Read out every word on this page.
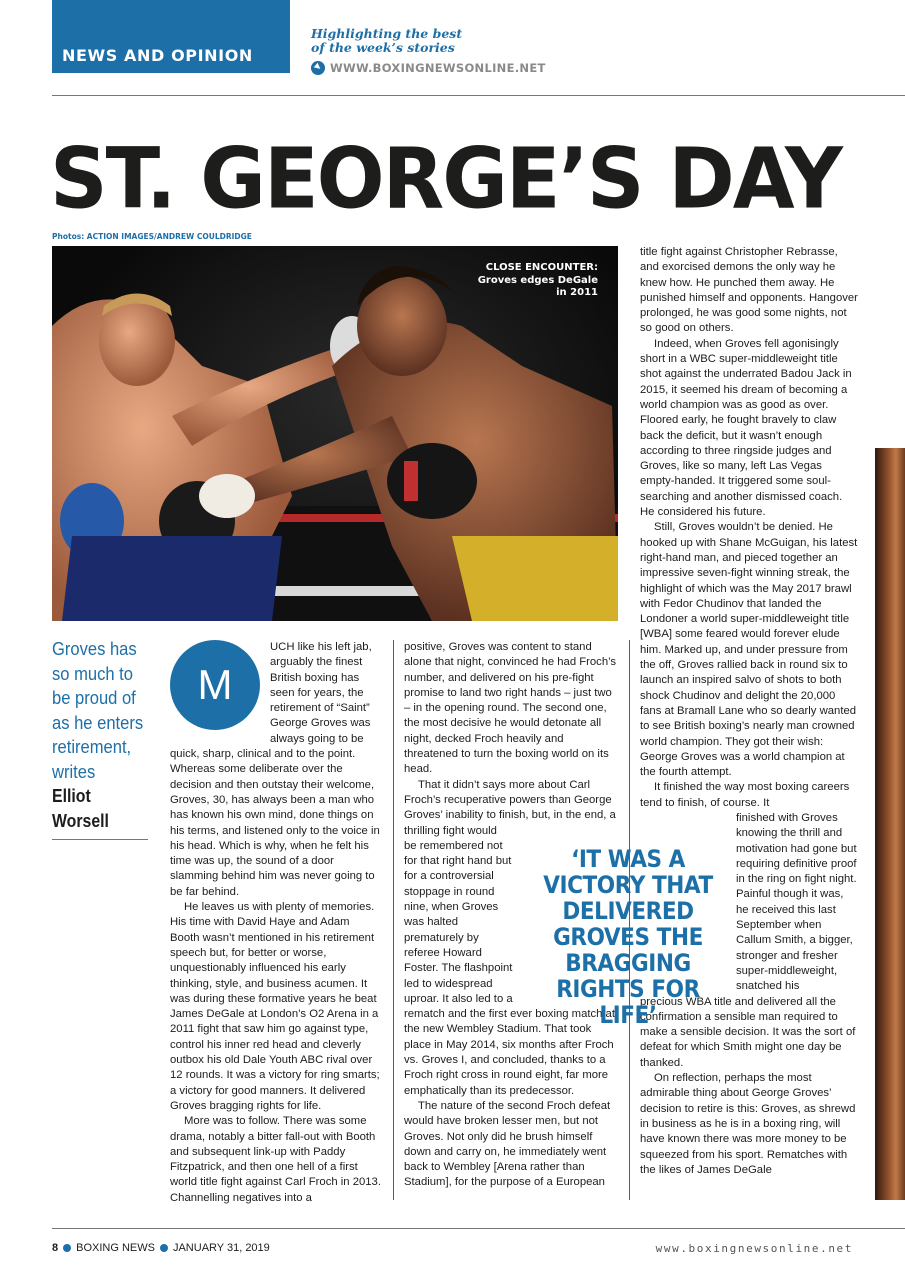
NEWS AND OPINION
Highlighting the best
of the week’s stories
WWW.BOXINGNEWSONLINE.NET
ST. GEORGE’S DAY
Photos: ACTION IMAGES/ANDREW COULDRIDGE
CLOSE ENCOUNTER:
Groves edges DeGale
in 2011
Groves has so much to be proud of as he enters retirement, writes
Elliot Worsell
M

UCH like his left jab, arguably the finest British boxing has seen for years, the retirement of “Saint” George Groves was always going to be quick, sharp, clinical and to the point. Whereas some deliberate over the decision and then outstay their welcome, Groves, 30, has always been a man who has known his own mind, done things on his terms, and listened only to the voice in his head. Which is why, when he felt his time was up, the sound of a door slamming behind him was never going to be far behind.

He leaves us with plenty of memories. His time with David Haye and Adam Booth wasn’t mentioned in his retirement speech but, for better or worse, unquestionably influenced his early thinking, style, and business acumen. It was during these formative years he beat James DeGale at London’s O2 Arena in a 2011 fight that saw him go against type, control his inner red head and cleverly outbox his old Dale Youth ABC rival over 12 rounds. It was a victory for ring smarts; a victory for good manners. It delivered Groves bragging rights for life.

More was to follow. There was some drama, notably a bitter fall-out with Booth and subsequent link-up with Paddy Fitzpatrick, and then one hell of a first world title fight against Carl Froch in 2013. Channelling negatives into a

positive, Groves was content to stand alone that night, convinced he had Froch’s number, and delivered on his pre-fight promise to land two right hands – just two – in the opening round. The second one, the most decisive he would detonate all night, decked Froch heavily and threatened to turn the boxing world on its head.

That it didn’t says more about Carl Froch’s recuperative powers than George Groves’ inability to finish, but, in the end, a thrilling fight would

be remembered not for that right hand but for a controversial stoppage in round nine, when Groves was halted prematurely by referee Howard Foster. The flashpoint led to widespread uproar. It also led to a
rematch and the first ever boxing match at the new Wembley Stadium. That took place in May 2014, six months after Froch vs. Groves I, and concluded, thanks to a Froch right cross in round eight, far more emphatically than its predecessor.

The nature of the second Froch defeat would have broken lesser men, but not Groves. Not only did he brush himself down and carry on, he immediately went back to Wembley [Arena rather than Stadium], for the purpose of a European

title fight against Christopher Rebrasse, and exorcised demons the only way he knew how. He punched them away. He punished himself and opponents. Hangover prolonged, he was good some nights, not so good on others.

Indeed, when Groves fell agonisingly short in a WBC super-middleweight title shot against the underrated Badou Jack in 2015, it seemed his dream of becoming a world champion was as good as over. Floored early, he fought bravely to claw back the deficit, but it wasn’t enough according to three ringside judges and Groves, like so many, left Las Vegas empty-handed. It triggered some soul-searching and another dismissed coach. He considered his future.

Still, Groves wouldn’t be denied. He hooked up with Shane McGuigan, his latest right-hand man, and pieced together an impressive seven-fight winning streak, the highlight of which was the May 2017 brawl with Fedor Chudinov that landed the Londoner a world super-middleweight title [WBA] some feared would forever elude him. Marked up, and under pressure from the off, Groves rallied back in round six to launch an inspired salvo of shots to both shock Chudinov and delight the 20,000 fans at Bramall Lane who so dearly wanted to see British boxing’s nearly man crowned world champion. They got their wish: George Groves was a world champion at the fourth attempt.

It finished the way most boxing careers tend to finish, of course. It

finished with Groves knowing the thrill and motivation had gone but requiring definitive proof in the ring on fight night. Painful though it was, he received this last September when Callum Smith, a bigger, stronger and fresher super-middleweight, snatched his
precious WBA title and delivered all the confirmation a sensible man required to make a sensible decision. It was the sort of defeat for which Smith might one day be thanked.

On reflection, perhaps the most admirable thing about George Groves’ decision to retire is this: Groves, as shrewd in business as he is in a boxing ring, will have known there was more money to be squeezed from his sport. Rematches with the likes of James DeGale

‘IT WAS A VICTORY THAT DELIVERED GROVES THE BRAGGING RIGHTS FOR LIFE’
8 BOXING NEWS JANUARY 31, 2019	www.boxingnewsonline.net
